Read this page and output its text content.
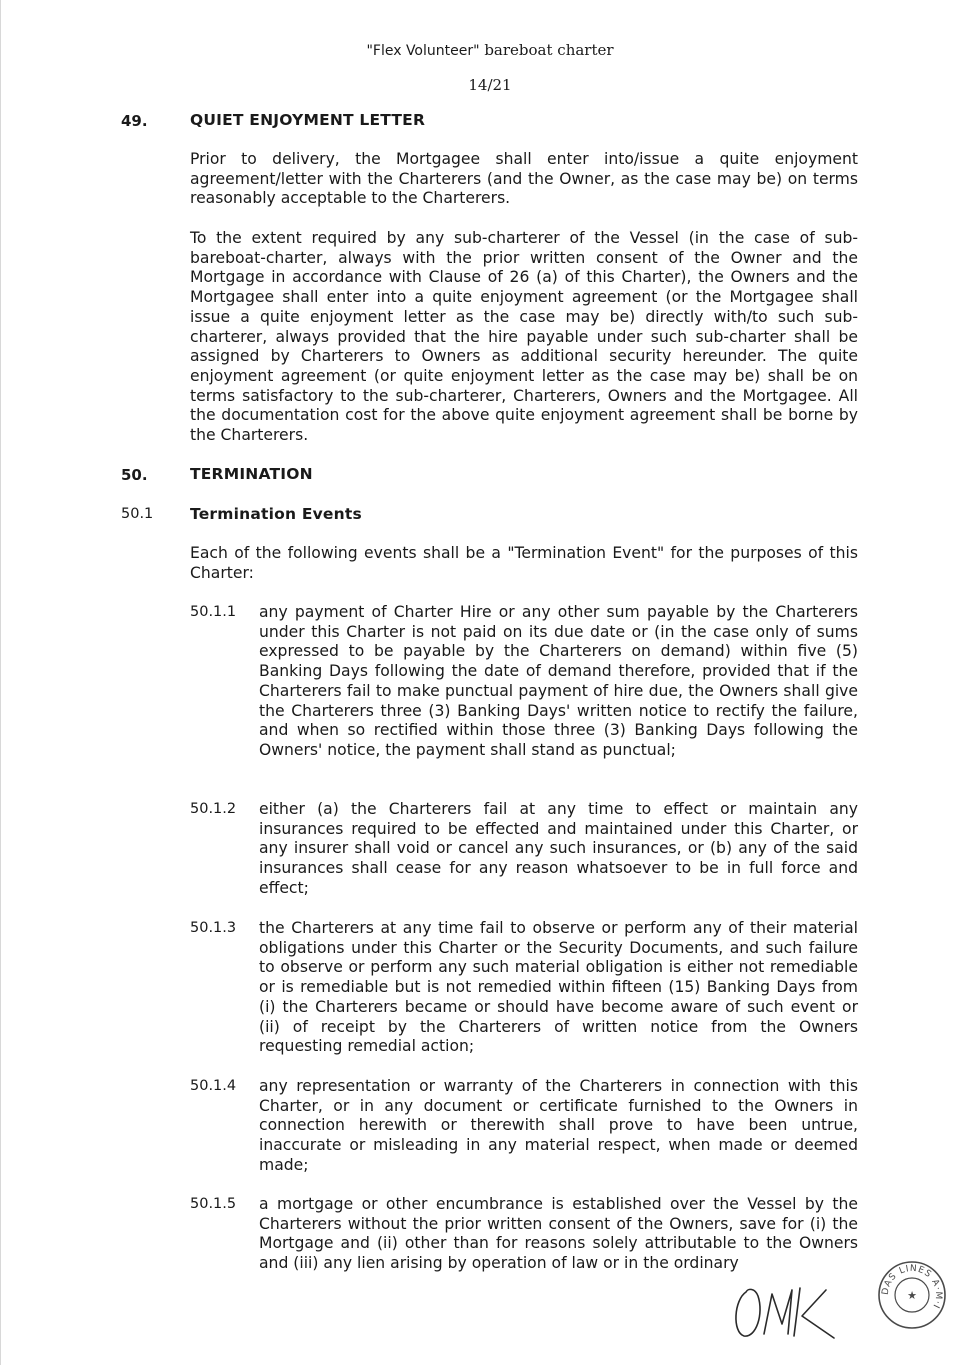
"Flex Volunteer" bareboat charter
14/21
49.	QUIET ENJOYMENT LETTER
Prior to delivery, the Mortgagee shall enter into/issue a quite enjoyment agreement/letter with the Charterers (and the Owner, as the case may be) on terms reasonably acceptable to the Charterers.
To the extent required by any sub-charterer of the Vessel (in the case of sub-bareboat-charter, always with the prior written consent of the Owner and the Mortgage in accordance with Clause of 26 (a) of this Charter), the Owners and the Mortgagee shall enter into a quite enjoyment agreement (or the Mortgagee shall issue a quite enjoyment letter as the case may be) directly with/to such sub-charterer, always provided that the hire payable under such sub-charter shall be assigned by Charterers to Owners as additional security hereunder. The quite enjoyment agreement (or quite enjoyment letter as the case may be) shall be on terms satisfactory to the sub-charterer, Charterers, Owners and the Mortgagee. All the documentation cost for the above quite enjoyment agreement shall be borne by the Charterers.
50.	TERMINATION
50.1 Termination Events
Each of the following events shall be a "Termination Event" for the purposes of this Charter:
50.1.1 any payment of Charter Hire or any other sum payable by the Charterers under this Charter is not paid on its due date or (in the case only of sums expressed to be payable by the Charterers on demand) within five (5) Banking Days following the date of demand therefore, provided that if the Charterers fail to make punctual payment of hire due, the Owners shall give the Charterers three (3) Banking Days' written notice to rectify the failure, and when so rectified within those three (3) Banking Days following the Owners' notice, the payment shall stand as punctual;
50.1.2 either (a) the Charterers fail at any time to effect or maintain any insurances required to be effected and maintained under this Charter, or any insurer shall void or cancel any such insurances, or (b) any of the said insurances shall cease for any reason whatsoever to be in full force and effect;
50.1.3 the Charterers at any time fail to observe or perform any of their material obligations under this Charter or the Security Documents, and such failure to observe or perform any such material obligation is either not remediable or is remediable but is not remedied within fifteen (15) Banking Days from (i) the Charterers became or should have become aware of such event or (ii) of receipt by the Charterers of written notice from the Owners requesting remedial action;
50.1.4 any representation or warranty of the Charterers in connection with this Charter, or in any document or certificate furnished to the Owners in connection herewith or therewith shall prove to have been untrue, inaccurate or misleading in any material respect, when made or deemed made;
50.1.5 a mortgage or other encumbrance is established over the Vessel by the Charterers without the prior written consent of the Owners, save for (i) the Mortgage and (ii) other than for reasons solely attributable to the Owners and (iii) any lien arising by operation of law or in the ordinary
DAS LINES A·M·I
★
